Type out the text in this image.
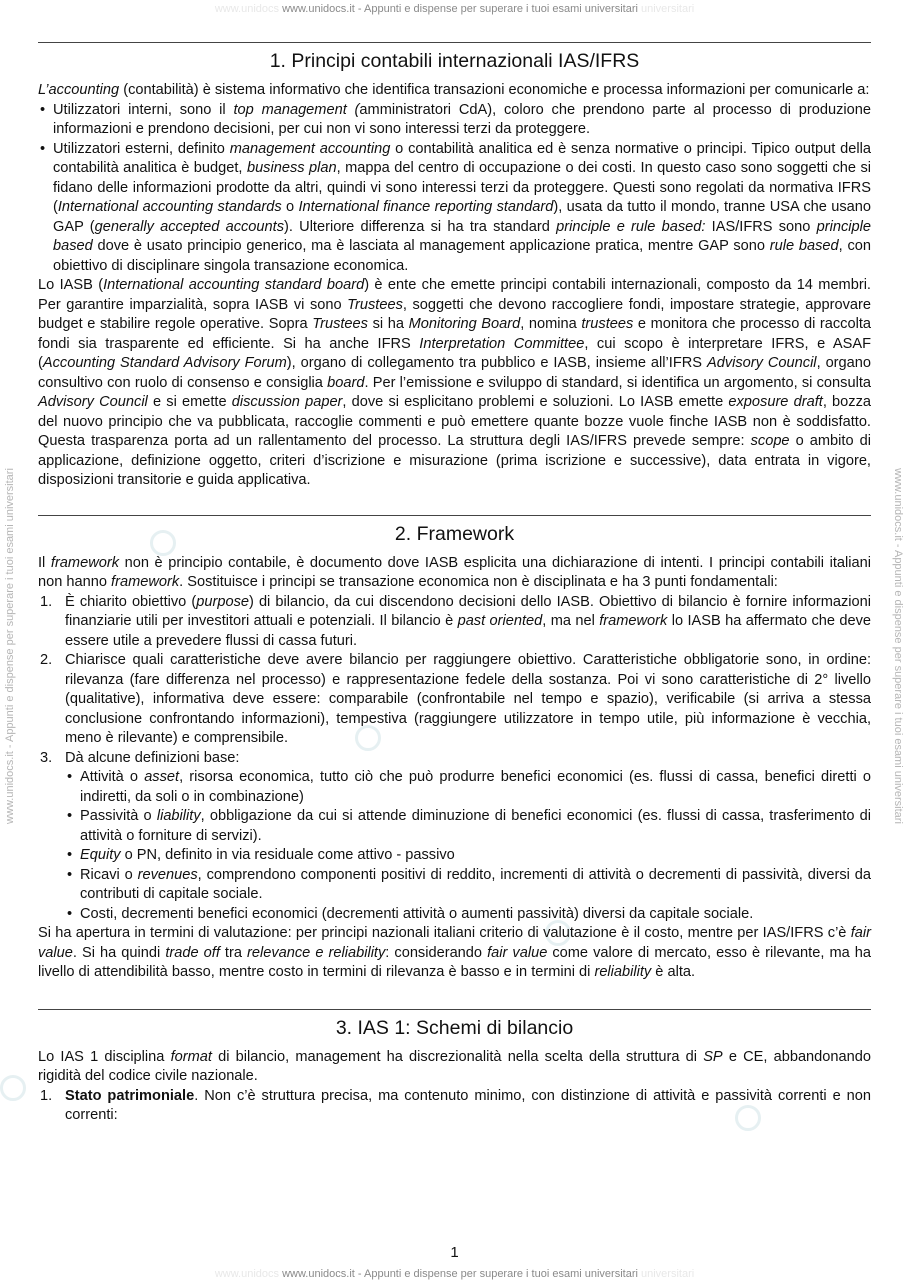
www.unidocs www.unidocs.it - Appunti e dispense per superare i tuoi esami universitari universitari
www.unidocs.it - Appunti e dispense per superare i tuoi esami universitari	www.unidocs.it - Appunti e dispense per superare i tuoi esami universitari
1. Principi contabili internazionali IAS/IFRS

L’accounting (contabilità) è sistema informativo che identifica transazioni economiche e processa informazioni per comunicarle a:

• Utilizzatori interni, sono il top management (amministratori CdA), coloro che prendono parte al processo di produzione informazioni e prendono decisioni, per cui non vi sono interessi terzi da proteggere.
• Utilizzatori esterni, definito management accounting o contabilità analitica ed è senza normative o principi. Tipico output della contabilità analitica è budget, business plan, mappa del centro di occupazione o dei costi. In questo caso sono soggetti che si fidano delle informazioni prodotte da altri, quindi vi sono interessi terzi da proteggere. Questi sono regolati da normativa IFRS (International accounting standards o International finance reporting standard), usata da tutto il mondo, tranne USA che usano GAP (generally accepted accounts). Ulteriore differenza si ha tra standard principle e rule based: IAS/IFRS sono principle based dove è usato principio generico, ma è lasciata al management applicazione pratica, mentre GAP sono rule based, con obiettivo di disciplinare singola transazione economica.

Lo IASB (International accounting standard board) è ente che emette principi contabili internazionali, composto da 14 membri. Per garantire imparzialità, sopra IASB vi sono Trustees, soggetti che devono raccogliere fondi, impostare strategie, approvare budget e stabilire regole operative. Sopra Trustees si ha Monitoring Board, nomina trustees e monitora che processo di raccolta fondi sia trasparente ed efficiente. Si ha anche IFRS Interpretation Committee, cui scopo è interpretare IFRS, e ASAF (Accounting Standard Advisory Forum), organo di collegamento tra pubblico e IASB, insieme all’IFRS Advisory Council, organo consultivo con ruolo di consenso e consiglia board. Per l’emissione e sviluppo di standard, si identifica un argomento, si consulta Advisory Council e si emette discussion paper, dove si esplicitano problemi e soluzioni. Lo IASB emette exposure draft, bozza del nuovo principio che va pubblicata, raccoglie commenti e può emettere quante bozze vuole finche IASB non è soddisfatto. Questa trasparenza porta ad un rallentamento del processo. La struttura degli IAS/IFRS prevede sempre: scope o ambito di applicazione, definizione oggetto, criteri d’iscrizione e misurazione (prima iscrizione e successive), data entrata in vigore, disposizioni transitorie e guida applicativa.

2. Framework

Il framework non è principio contabile, è documento dove IASB esplicita una dichiarazione di intenti. I principi contabili italiani non hanno framework. Sostituisce i principi se transazione economica non è disciplinata e ha 3 punti fondamentali:

1. È chiarito obiettivo (purpose) di bilancio, da cui discendono decisioni dello IASB. Obiettivo di bilancio è fornire informazioni finanziarie utili per investitori attuali e potenziali. Il bilancio è past oriented, ma nel framework lo IASB ha affermato che deve essere utile a prevedere flussi di cassa futuri.
2. Chiarisce quali caratteristiche deve avere bilancio per raggiungere obiettivo. Caratteristiche obbligatorie sono, in ordine: rilevanza (fare differenza nel processo) e rappresentazione fedele della sostanza. Poi vi sono caratteristiche di 2° livello (qualitative), informativa deve essere: comparabile (confrontabile nel tempo e spazio), verificabile (si arriva a stessa conclusione confrontando informazioni), tempestiva (raggiungere utilizzatore in tempo utile, più informazione è vecchia, meno è rilevante) e comprensibile.
3. Dà alcune definizioni base:
• Attività o asset, risorsa economica, tutto ciò che può produrre benefici economici (es. flussi di cassa, benefici diretti o indiretti, da soli o in combinazione)
• Passività o liability, obbligazione da cui si attende diminuzione di benefici economici (es. flussi di cassa, trasferimento di attività o forniture di servizi).
• Equity o PN, definito in via residuale come attivo - passivo
• Ricavi o revenues, comprendono componenti positivi di reddito, incrementi di attività o decrementi di passività, diversi da contributi di capitale sociale.
• Costi, decrementi benefici economici (decrementi attività o aumenti passività) diversi da capitale sociale.

Si ha apertura in termini di valutazione: per principi nazionali italiani criterio di valutazione è il costo, mentre per IAS/IFRS c’è fair value. Si ha quindi trade off tra relevance e reliability: considerando fair value come valore di mercato, esso è rilevante, ma ha livello di attendibilità basso, mentre costo in termini di rilevanza è basso e in termini di reliability è alta.

3. IAS 1: Schemi di bilancio

Lo IAS 1 disciplina format di bilancio, management ha discrezionalità nella scelta della struttura di SP e CE, abbandonando rigidità del codice civile nazionale.

1. Stato patrimoniale. Non c’è struttura precisa, ma contenuto minimo, con distinzione di attività e passività correnti e non correnti:
1
www.unidocs www.unidocs.it - Appunti e dispense per superare i tuoi esami universitari universitari
